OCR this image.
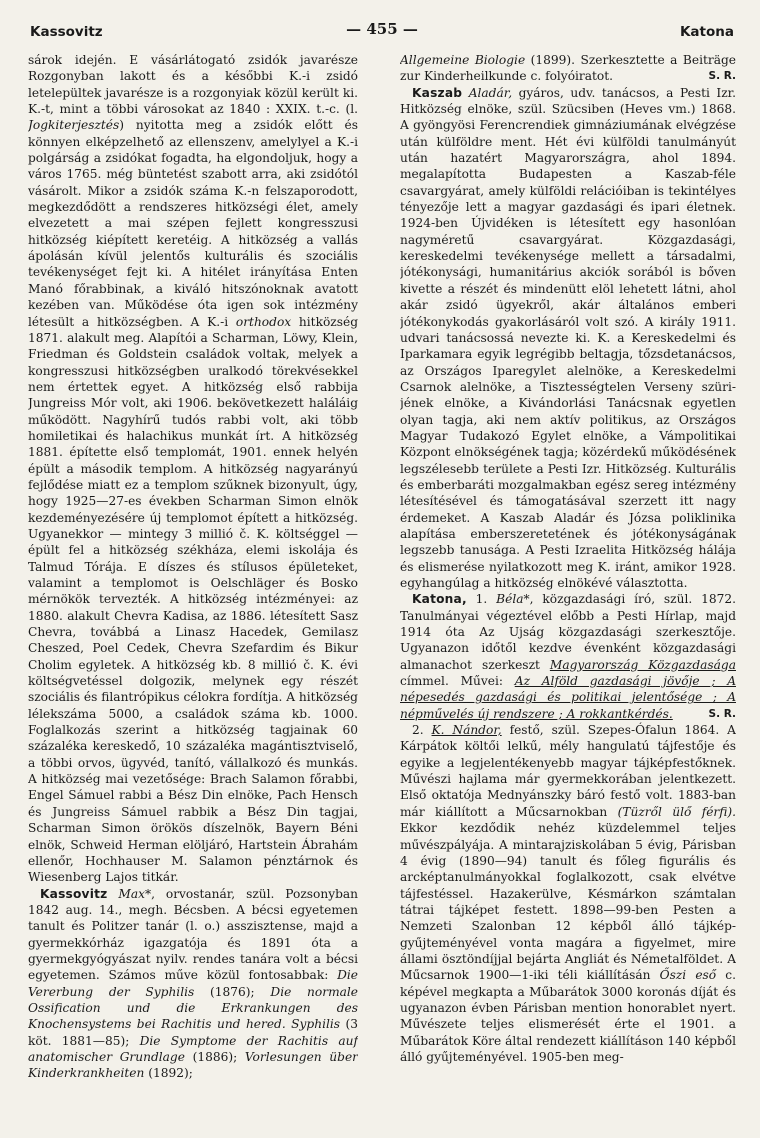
Kassovitz	— 455 —	Katona

sárok idején. E vásárlátogató zsidók javarésze Rozgonyban lakott és a későbbi K.-i zsidó letelepültek javarésze is a rozgonyiak közül került ki. K.-t, mint a többi városokat az 1840 : XXIX. t.-c. (l. Jogkiterjesztés) nyitotta meg a zsidók előtt és könnyen elképzelhető az ellenszenv, amelylyel a K.-i polgárság a zsidókat fogadta, ha elgondoljuk, hogy a város 1765. még büntetést szabott arra, aki zsidótól vásárolt. Mikor a zsidók száma K.-n felszaporodott, megkezdődött a rendszeres hitközségi élet, amely elvezetett a mai szépen fejlett kongresszusi hitközség kiépített keretéig. A hitközség a vallás ápolásán kívül jelentős kulturális és szociális tevékenységet fejt ki. A hitélet irányítása Enten Manó főrabbinak, a kiváló hitszónoknak avatott kezében van. Működése óta igen sok intézmény létesült a hitközségben. A K.-i orthodox hitközség 1871. alakult meg. Alapítói a Scharman, Löwy, Klein, Friedman és Goldstein családok voltak, melyek a kongresszusi hitközségben uralkodó törekvésekkel nem értettek egyet. A hitközség első rabbija Jungreiss Mór volt, aki 1906. bekövetkezett haláláig működött. Nagyhírű tudós rabbi volt, aki több homiletikai és halachikus munkát írt. A hitközség 1881. építette első templomát, 1901. ennek helyén épült a második templom. A hitközség nagyarányú fejlődése miatt ez a templom szűknek bizonyult, úgy, hogy 1925—27-es években Scharman Simon elnök kezdeményezésére új templomot épített a hitközség. Ugyanekkor — mintegy 3 millió č. K. költséggel — épült fel a hitközség székháza, elemi iskolája és Talmud Tórája. E díszes és stílusos épületeket, valamint a templomot is Oelschläger és Bosko mérnökök tervezték. A hitközség intézményei: az 1880. alakult Chevra Kadisa, az 1886. létesített Sasz Chevra, továbbá a Linasz Hacedek, Gemilasz Cheszed, Poel Cedek, Chevra Szefardim és Bikur Cholim egyletek. A hitközség kb. 8 millió č. K. évi költségvetéssel dolgozik, melynek egy részét szociális és filantrópikus célokra fordítja. A hitközség lélekszáma 5000, a családok száma kb. 1000. Foglalkozás szerint a hitközség tagjainak 60 százaléka kereskedő, 10 százaléka magántisztviselő, a többi orvos, ügyvéd, tanító, vállalkozó és munkás. A hitközség mai vezetősége: Brach Salamon főrabbi, Engel Sámuel rabbi a Bész Din elnöke, Pach Hensch és Jungreiss Sámuel rabbik a Bész Din tagjai, Scharman Simon örökös díszelnök, Bayern Béni elnök, Schweid Herman elöljáró, Hartstein Ábrahám ellenőr, Hochhauser M. Salamon pénztárnok és Wiesenberg Lajos titkár.

Kassovitz Max*, orvostanár, szül. Pozsonyban 1842 aug. 14., megh. Bécsben. A bécsi egyetemen tanult és Politzer tanár (l. o.) asszisztense, majd a gyermekkórház igazgatója és 1891 óta a gyermekgyógyászat nyilv. rendes tanára volt a bécsi egyetemen. Számos műve közül fontosabbak: Die Vererbung der Syphilis (1876); Die normale Ossification und die Erkrankungen des Knochensystems bei Rachitis und hered. Syphilis (3 köt. 1881—85); Die Symptome der Rachitis auf anatomischer Grundlage (1886); Vorlesungen über Kinderkrankheiten (1892);

Allgemeine Biologie (1899). Szerkesztette a Beiträge zur Kinderheilkunde c. folyóiratot.	S. R.

Kaszab Aladár, gyáros, udv. tanácsos, a Pesti Izr. Hitközség elnöke, szül. Szücsiben (Heves vm.) 1868. A gyöngyösi Ferencrendiek gimnáziumának elvégzése után külföldre ment. Hét évi külföldi tanulmányút után hazatért Magyarországra, ahol 1894. megalapította Budapesten a Kaszab-féle csavargyárat, amely külföldi relációiban is tekintélyes tényezője lett a magyar gazdasági és ipari életnek. 1924-ben Újvidéken is létesített egy hasonlóan nagyméretű csavargyárat. Közgazdasági, kereskedelmi tevékenysége mellett a társadalmi, jótékonysági, humanitárius akciók sorából is bőven kivette a részét és mindenütt elöl lehetett látni, ahol akár zsidó ügyekről, akár általános emberi jótékonykodás gyakorlásáról volt szó. A király 1911. udvari tanácsossá nevezte ki. K. a Kereskedelmi és Iparkamara egyik legrégibb beltagja, tőzsdetanácsos, az Országos Iparegylet alelnöke, a Kereskedelmi Csarnok alelnöke, a Tisztességtelen Verseny szürijének elnöke, a Kivándorlási Tanácsnak egyetlen olyan tagja, aki nem aktív politikus, az Országos Magyar Tudakozó Egylet elnöke, a Vámpolitikai Központ elnökségének tagja; közérdekű működésének legszélesebb területe a Pesti Izr. Hitközség. Kulturális és emberbaráti mozgalmakban egész sereg intézmény létesítésével és támogatásával szerzett itt nagy érdemeket. A Kaszab Aladár és Józsa poliklinika alapítása emberszeretetének és jótékonyságának legszebb tanusága. A Pesti Izraelita Hitközség hálája és elismerése nyilatkozott meg K. iránt, amikor 1928. egyhangúlag a hitközség elnökévé választotta.

Katona, 1. Béla*, közgazdasági író, szül. 1872. Tanulmányai végeztével előbb a Pesti Hírlap, majd 1914 óta Az Ujság közgazdasági szerkesztője. Ugyanazon időtől kezdve évenként közgazdasági almanachot szerkeszt Magyarország Közgazdasága címmel. Művei: Az Alföld gazdasági jövője ; A népesedés gazdasági és politikai jelentősége ; A népművelés új rendszere ; A rokkantkérdés.	S. R.

2. K. Nándor, festő, szül. Szepes-Ófalun 1864. A Kárpátok költői lelkű, mély hangulatú tájfestője és egyike a legjelentékenyebb magyar tájképfestőknek. Művészi hajlama már gyermekkorában jelentkezett. Első oktatója Mednyánszky báró festő volt. 1883-ban már kiállított a Műcsarnokban (Tüzről ülő férfi). Ekkor kezdődik nehéz küzdelemmel teljes művészpályája. A mintarajziskolában 5 évig, Párisban 4 évig (1890—94) tanult és főleg figurális és arcképtanulmányokkal foglalkozott, csak elvétve tájfestéssel. Hazakerülve, Késmárkon számtalan tátrai tájképet festett. 1898—99-ben Pesten a Nemzeti Szalonban 12 képből álló tájkép-gyűjteményével vonta magára a figyelmet, mire állami ösztöndíjjal bejárta Angliát és Németalföldet. A Műcsarnok 1900—1-iki téli kiállításán Őszi eső c. képével megkapta a Műbarátok 3000 koronás díját és ugyanazon évben Párisban mention honorablet nyert. Művészete teljes elismerését érte el 1901. a Műbarátok Köre által rendezett kiállításon 140 képből álló gyűjteményével. 1905-ben meg-
